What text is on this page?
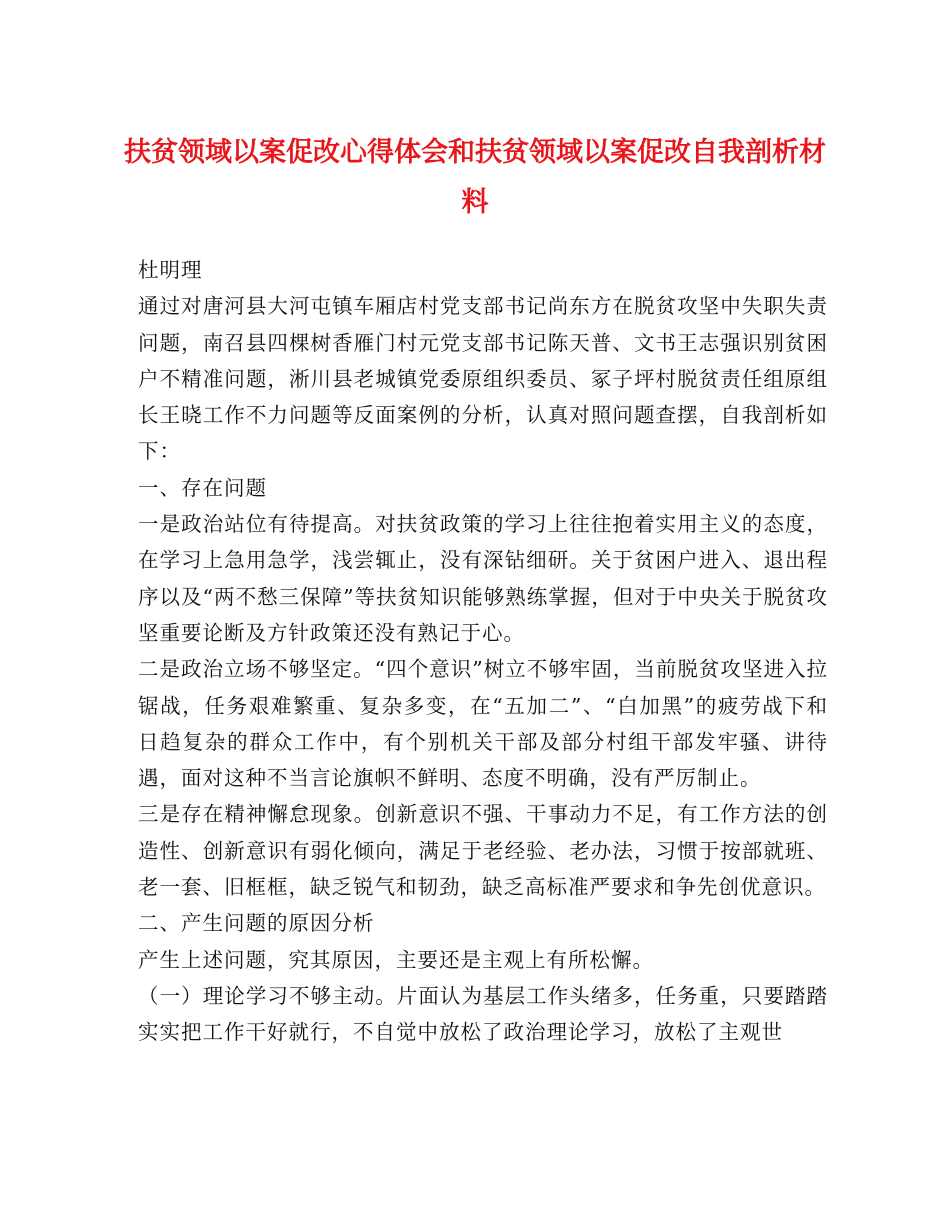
扶贫领域以案促改心得体会和扶贫领域以案促改自我剖析材料

杜明理

通过对唐河县大河屯镇车厢店村党支部书记尚东方在脱贫攻坚中失职失责问题，南召县四棵树香雁门村元党支部书记陈天普、文书王志强识别贫困户不精准问题，淅川县老城镇党委原组织委员、冢子坪村脱贫责任组原组长王晓工作不力问题等反面案例的分析，认真对照问题查摆，自我剖析如下：

一、存在问题

一是政治站位有待提高。对扶贫政策的学习上往往抱着实用主义的态度，在学习上急用急学，浅尝辄止，没有深钻细研。关于贫困户进入、退出程序以及“两不愁三保障”等扶贫知识能够熟练掌握，但对于中央关于脱贫攻坚重要论断及方针政策还没有熟记于心。

二是政治立场不够坚定。“四个意识”树立不够牢固，当前脱贫攻坚进入拉锯战，任务艰难繁重、复杂多变，在“五加二”、“白加黑”的疲劳战下和日趋复杂的群众工作中，有个别机关干部及部分村组干部发牢骚、讲待遇，面对这种不当言论旗帜不鲜明、态度不明确，没有严厉制止。

三是存在精神懈怠现象。创新意识不强、干事动力不足，有工作方法的创造性、创新意识有弱化倾向，满足于老经验、老办法，习惯于按部就班、老一套、旧框框，缺乏锐气和韧劲，缺乏高标准严要求和争先创优意识。

二、产生问题的原因分析

产生上述问题，究其原因，主要还是主观上有所松懈。

（一）理论学习不够主动。片面认为基层工作头绪多，任务重，只要踏踏实实把工作干好就行，不自觉中放松了政治理论学习，放松了主观世
